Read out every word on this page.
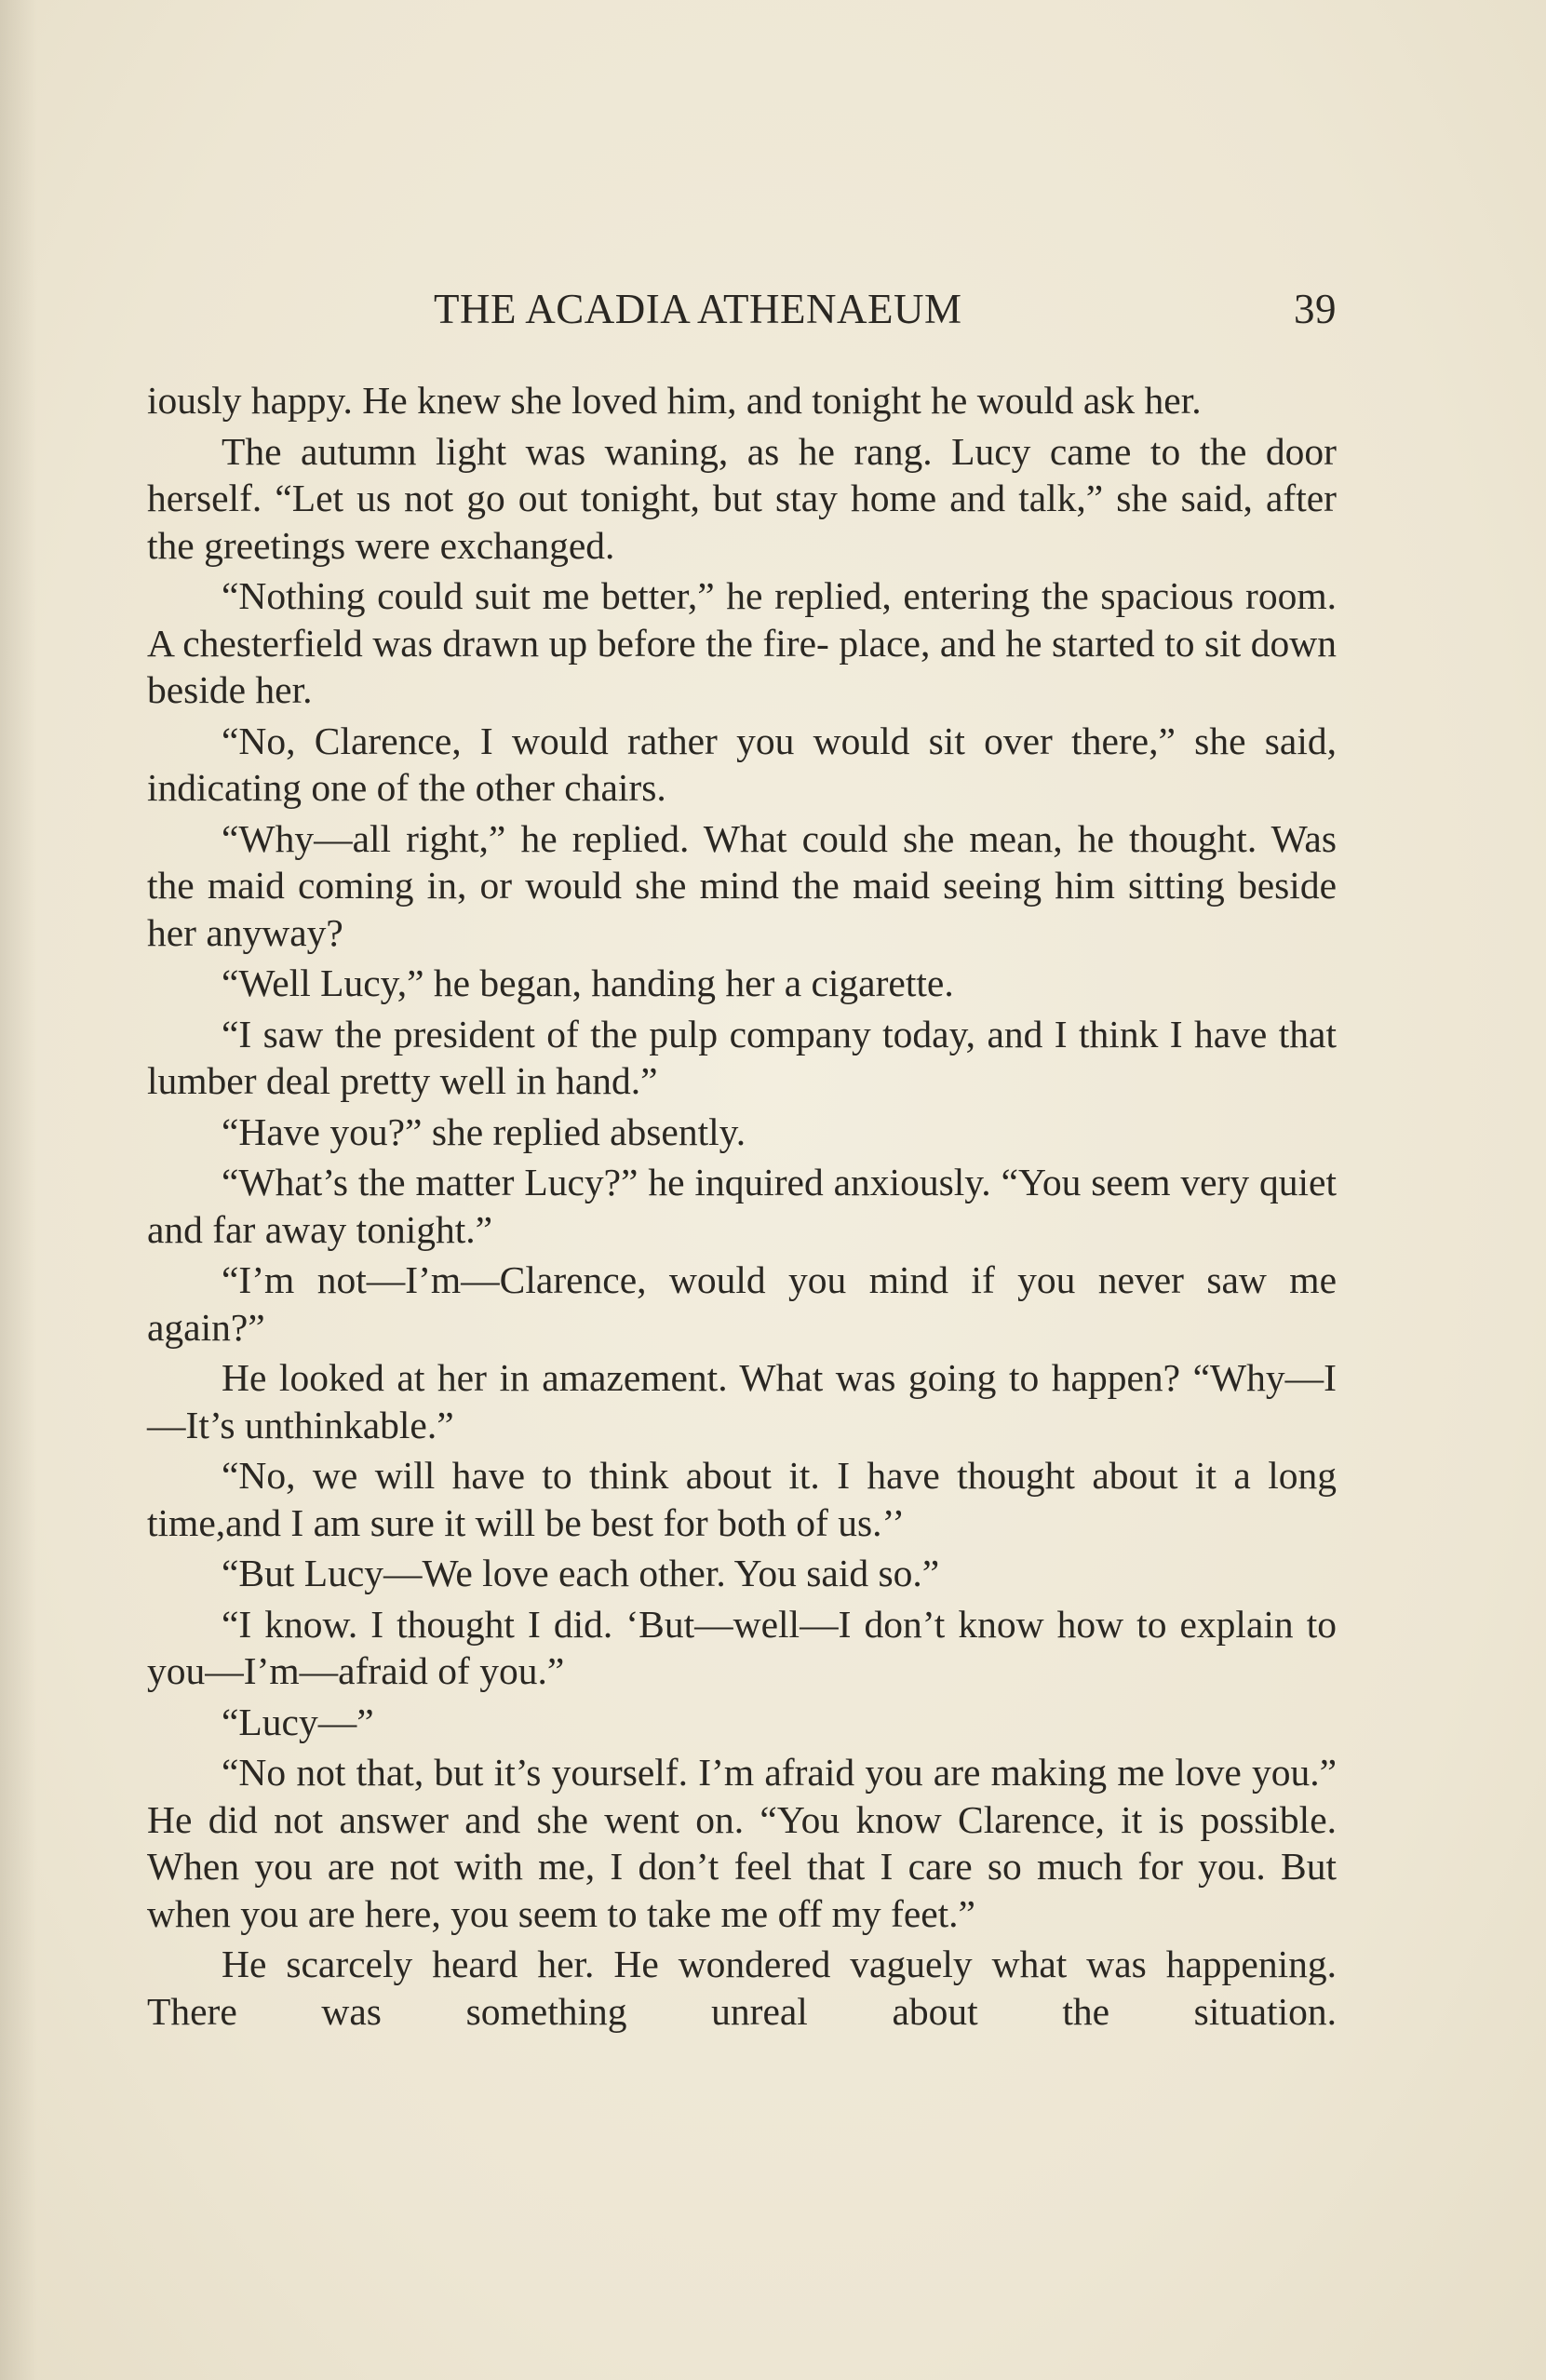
THE ACADIA ATHENAEUM	39

iously happy. He knew she loved him, and tonight he would ask her.

The autumn light was waning, as he rang. Lucy came to the door herself. “Let us not go out tonight, but stay home and talk,” she said, after the greetings were exchanged.

“Nothing could suit me better,” he replied, entering the spacious room. A chesterfield was drawn up before the fire- place, and he started to sit down beside her.

“No, Clarence, I would rather you would sit over there,” she said, indicating one of the other chairs.

“Why—all right,” he replied. What could she mean, he thought. Was the maid coming in, or would she mind the maid seeing him sitting beside her anyway?

“Well Lucy,” he began, handing her a cigarette.

“I saw the president of the pulp company today, and I think I have that lumber deal pretty well in hand.”

“Have you?” she replied absently.

“What’s the matter Lucy?” he inquired anxiously. “You seem very quiet and far away tonight.”

“I’m not—I’m—Clarence, would you mind if you never saw me again?”

He looked at her in amazement. What was going to happen? “Why—I—It’s unthinkable.”

“No, we will have to think about it. I have thought about it a long time,and I am sure it will be best for both of us.’’

“But Lucy—We love each other. You said so.”

“I know. I thought I did. ‘But—well—I don’t know how to explain to you—I’m—afraid of you.”

“Lucy—”

“No not that, but it’s yourself. I’m afraid you are making me love you.” He did not answer and she went on. “You know Clarence, it is possible. When you are not with me, I don’t feel that I care so much for you. But when you are here, you seem to take me off my feet.”

He scarcely heard her. He wondered vaguely what was happening. There was something unreal about the situation.
